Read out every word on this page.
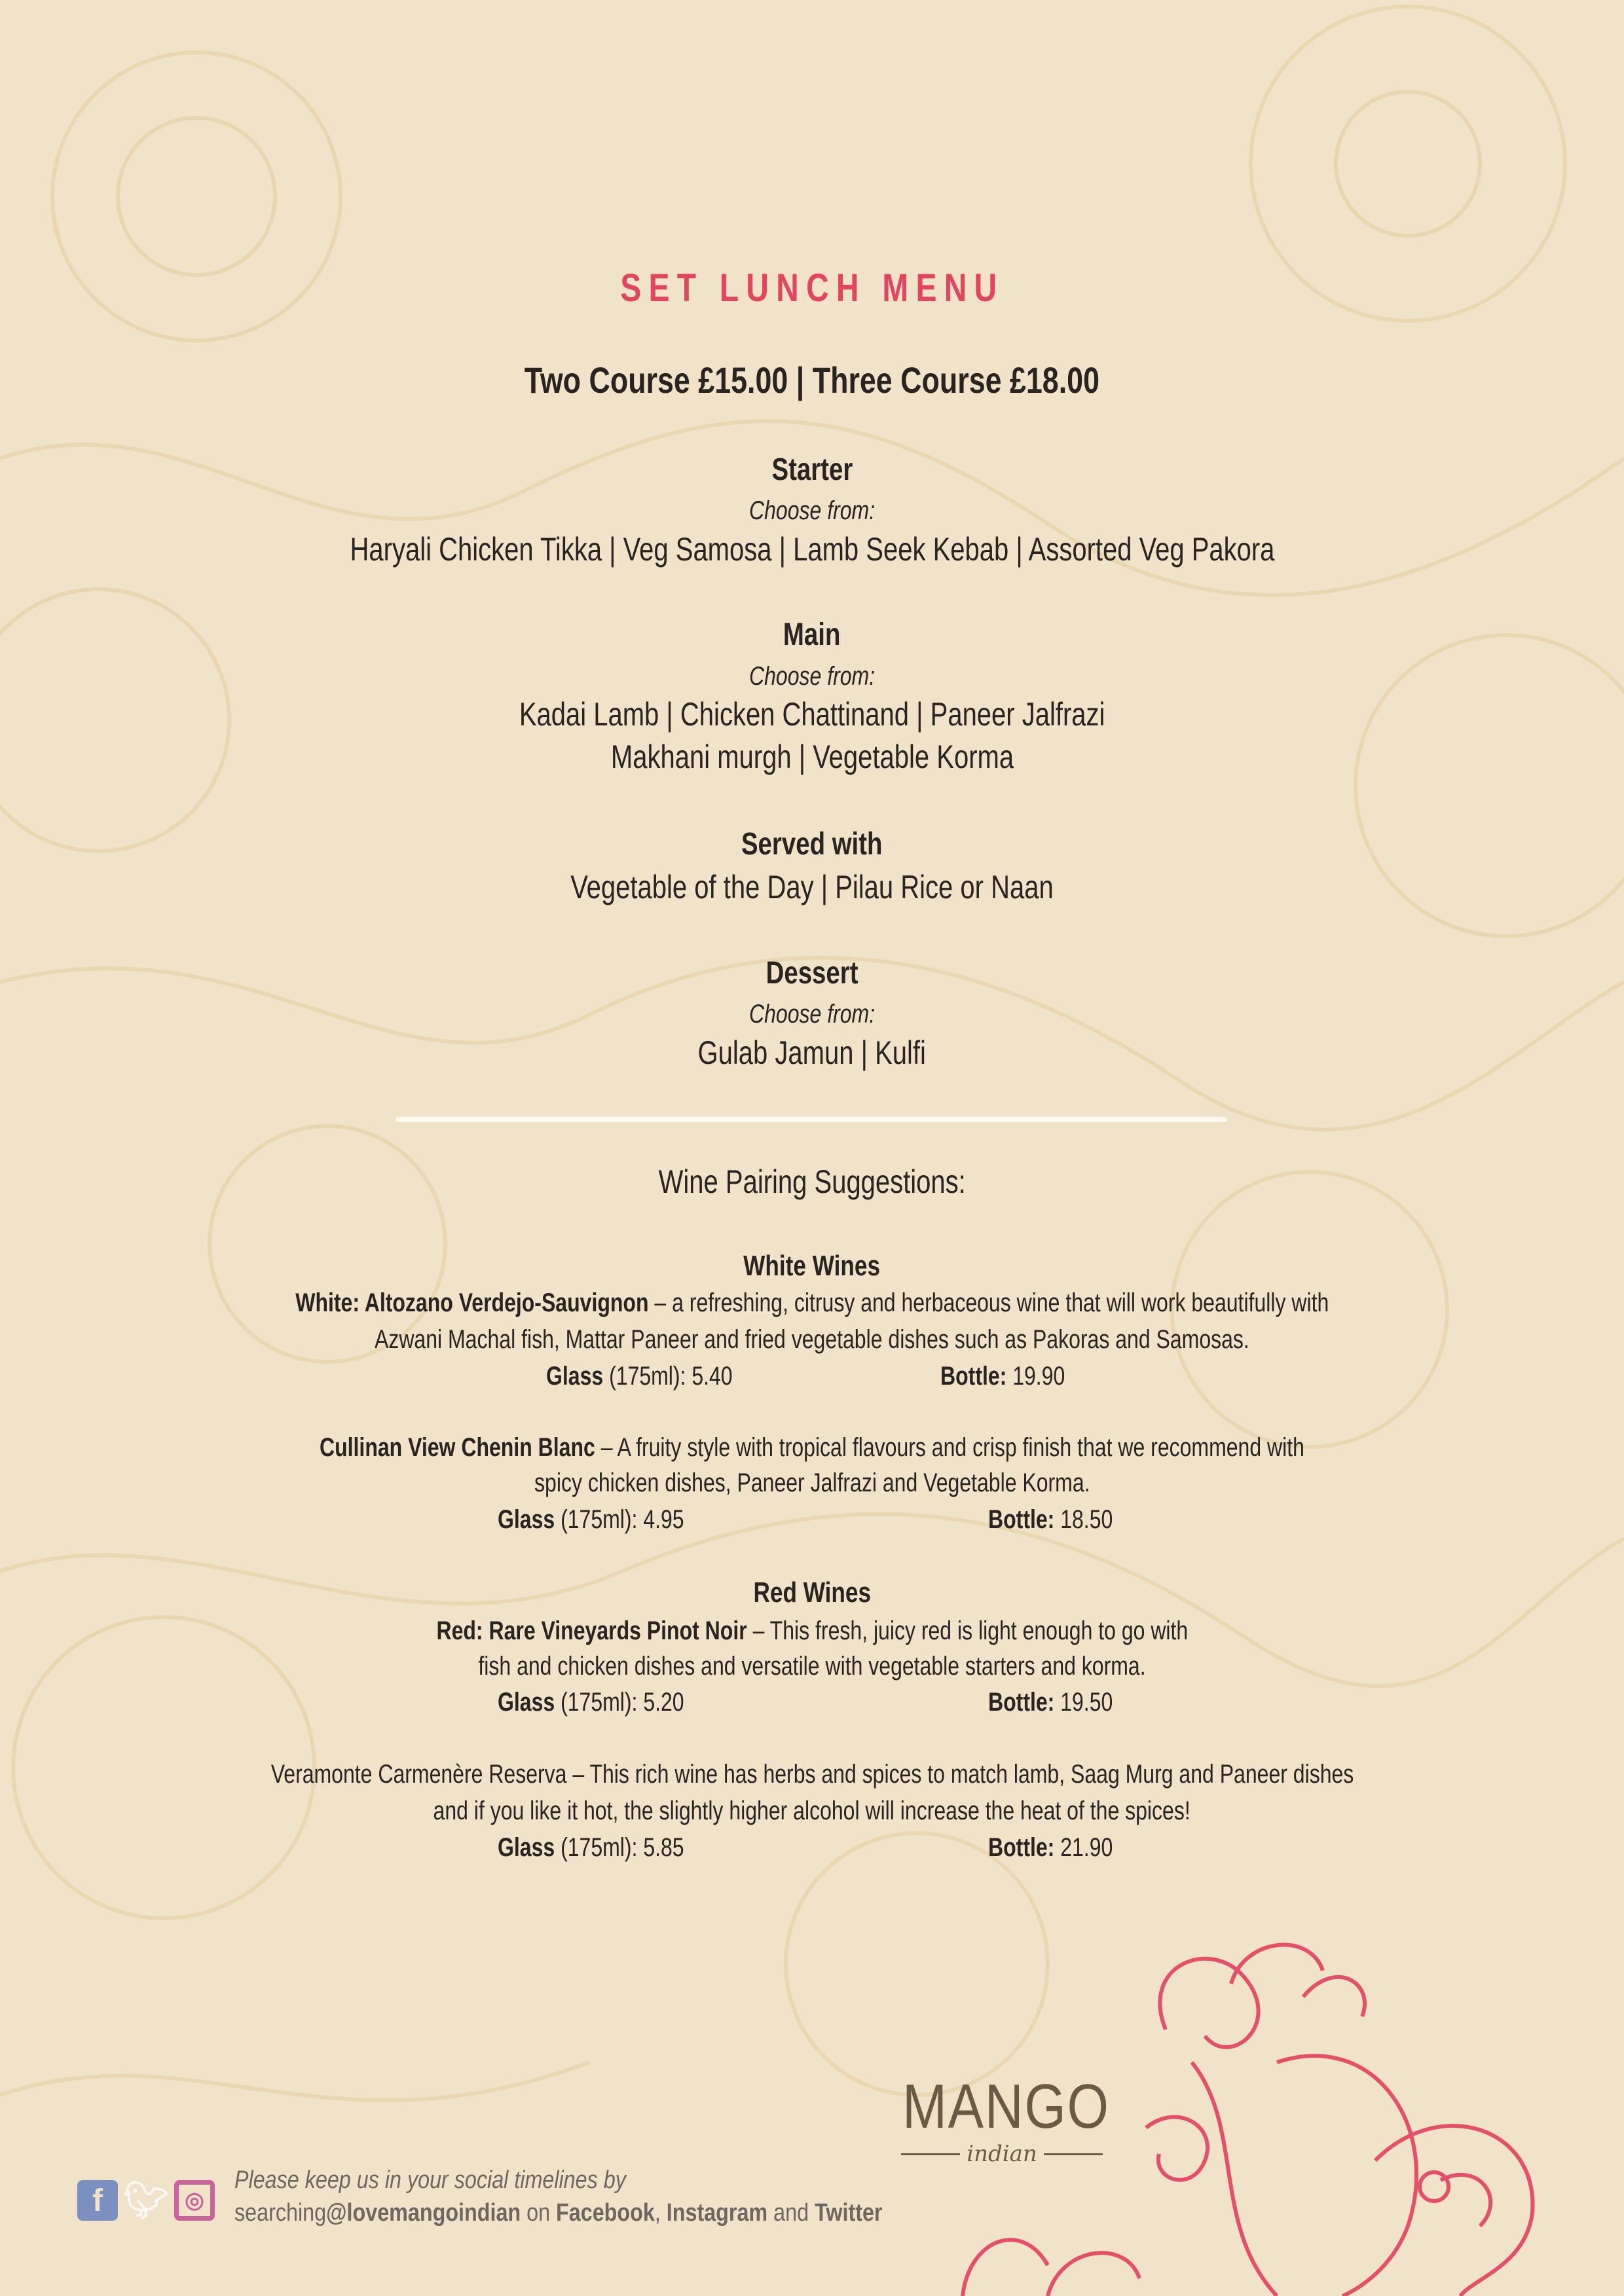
SET LUNCH MENU
Two Course £15.00 | Three Course £18.00
Starter
Choose from:
Haryali Chicken Tikka | Veg Samosa | Lamb Seek Kebab | Assorted Veg Pakora
Main
Choose from:
Kadai Lamb | Chicken Chattinand | Paneer Jalfrazi
Makhani murgh | Vegetable Korma
Served with
Vegetable of the Day | Pilau Rice or Naan
Dessert
Choose from:
Gulab Jamun | Kulfi
Wine Pairing Suggestions:
White Wines
White: Altozano Verdejo-Sauvignon – a refreshing, citrusy and herbaceous wine that will work beautifully with
Azwani Machal fish, Mattar Paneer and fried vegetable dishes such as Pakoras and Samosas.
Glass (175ml): 5.40	Bottle: 19.90
Cullinan View Chenin Blanc – A fruity style with tropical flavours and crisp finish that we recommend with
spicy chicken dishes, Paneer Jalfrazi and Vegetable Korma.
Glass (175ml): 4.95	Bottle: 18.50
Red Wines
Red: Rare Vineyards Pinot Noir – This fresh, juicy red is light enough to go with
fish and chicken dishes and versatile with vegetable starters and korma.
Glass (175ml): 5.20	Bottle: 19.50
Veramonte Carmenère Reserva – This rich wine has herbs and spices to match lamb, Saag Murg and Paneer dishes
and if you like it hot, the slightly higher alcohol will increase the heat of the spices!
Glass (175ml): 5.85	Bottle: 21.90
MANGO
indian
f 🐦︎ ◎
Please keep us in your social timelines by
searching@lovemangoindian on Facebook, Instagram and Twitter
